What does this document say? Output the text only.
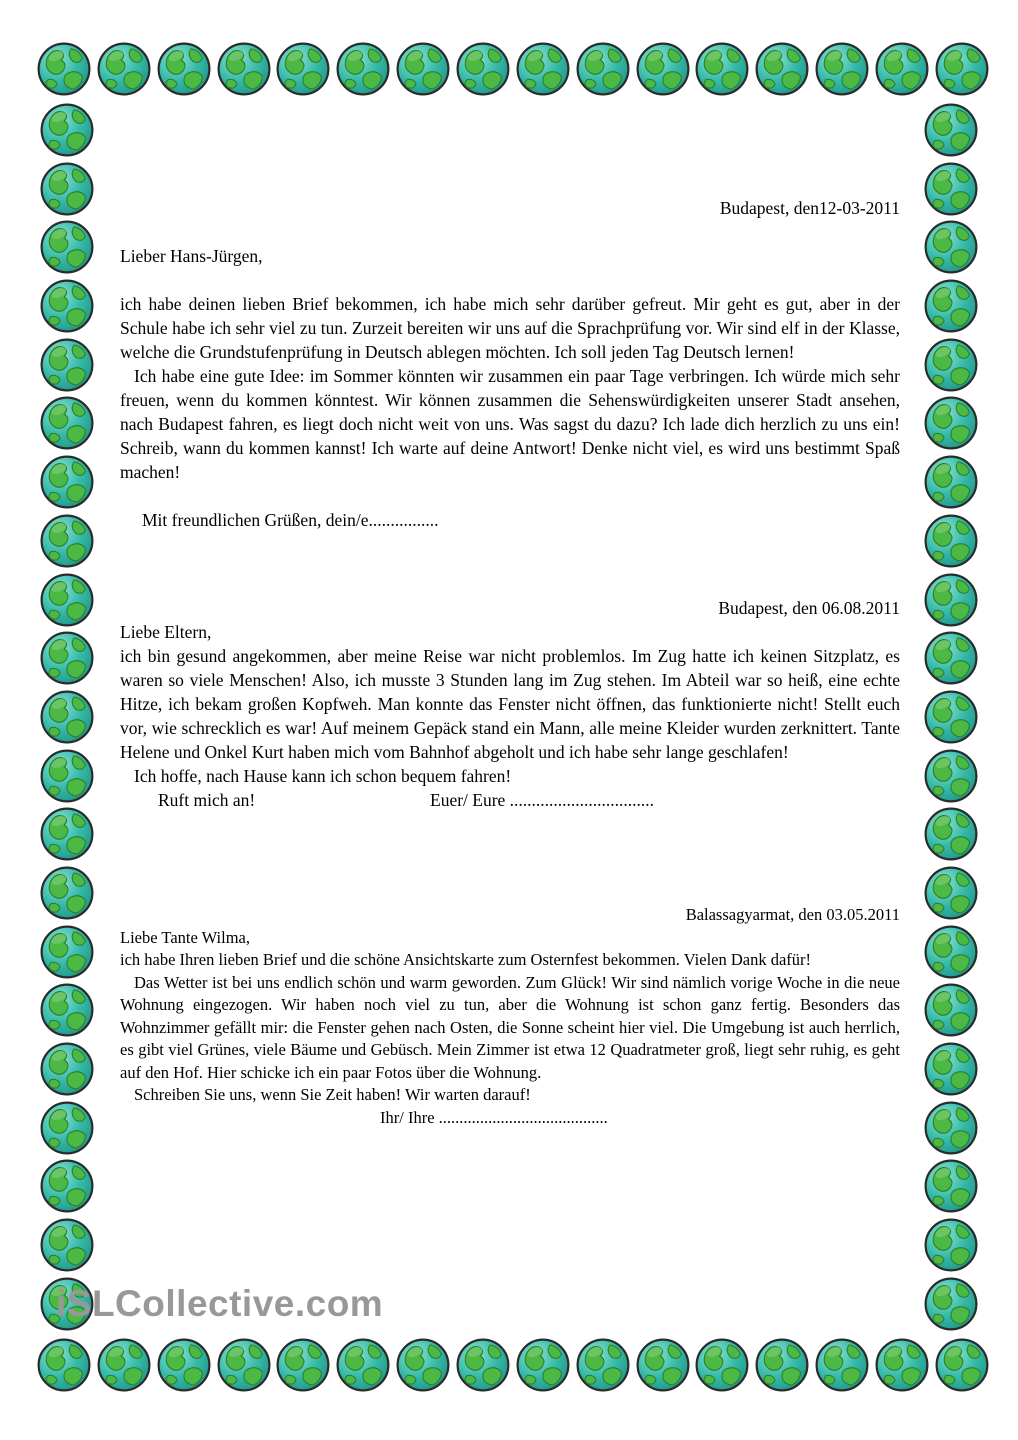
Budapest, den12-03-2011
Lieber Hans-Jürgen,

ich habe deinen lieben Brief bekommen, ich habe mich sehr darüber gefreut. Mir geht es gut, aber in der Schule habe ich sehr viel zu tun. Zurzeit bereiten wir uns auf die Sprachprüfung vor. Wir sind elf in der Klasse, welche die Grundstufenprüfung in Deutsch ablegen möchten. Ich soll jeden Tag Deutsch lernen!

Ich habe eine gute Idee: im Sommer könnten wir zusammen ein paar Tage verbringen. Ich würde mich sehr freuen, wenn du kommen könntest. Wir können zusammen die Sehenswürdigkeiten unserer Stadt ansehen, nach Budapest fahren, es liegt doch nicht weit von uns. Was sagst du dazu? Ich lade dich herzlich zu uns ein! Schreib, wann du kommen kannst! Ich warte auf deine Antwort! Denke nicht viel, es wird uns bestimmt Spaß machen!

Mit freundlichen Grüßen, dein/e................
Budapest, den 06.08.2011
Liebe Eltern,

ich bin gesund angekommen, aber meine Reise war nicht problemlos. Im Zug hatte ich keinen Sitzplatz, es waren so viele Menschen! Also, ich musste 3 Stunden lang im Zug stehen. Im Abteil war so heiß, eine echte Hitze, ich bekam großen Kopfweh. Man konnte das Fenster nicht öffnen, das funktionierte nicht! Stellt euch vor, wie schrecklich es war! Auf meinem Gepäck stand ein Mann, alle meine Kleider wurden zerknittert. Tante Helene und Onkel Kurt haben mich vom Bahnhof abgeholt und ich habe sehr lange geschlafen!

Ich hoffe, nach Hause kann ich schon bequem fahren!

Ruft mich an!	Euer/ Eure .................................
Balassagyarmat, den 03.05.2011
Liebe Tante Wilma,

ich habe Ihren lieben Brief und die schöne Ansichtskarte zum Osternfest bekommen. Vielen Dank dafür!

Das Wetter ist bei uns endlich schön und warm geworden. Zum Glück! Wir sind nämlich vorige Woche in die neue Wohnung eingezogen. Wir haben noch viel zu tun, aber die Wohnung ist schon ganz fertig. Besonders das Wohnzimmer gefällt mir: die Fenster gehen nach Osten, die Sonne scheint hier viel. Die Umgebung ist auch herrlich, es gibt viel Grünes, viele Bäume und Gebüsch. Mein Zimmer ist etwa 12 Quadratmeter groß, liegt sehr ruhig, es geht auf den Hof. Hier schicke ich ein paar Fotos über die Wohnung.

Schreiben Sie uns, wenn Sie Zeit haben! Wir warten darauf!

Ihr/ Ihre .........................................
iSLCollective.com
